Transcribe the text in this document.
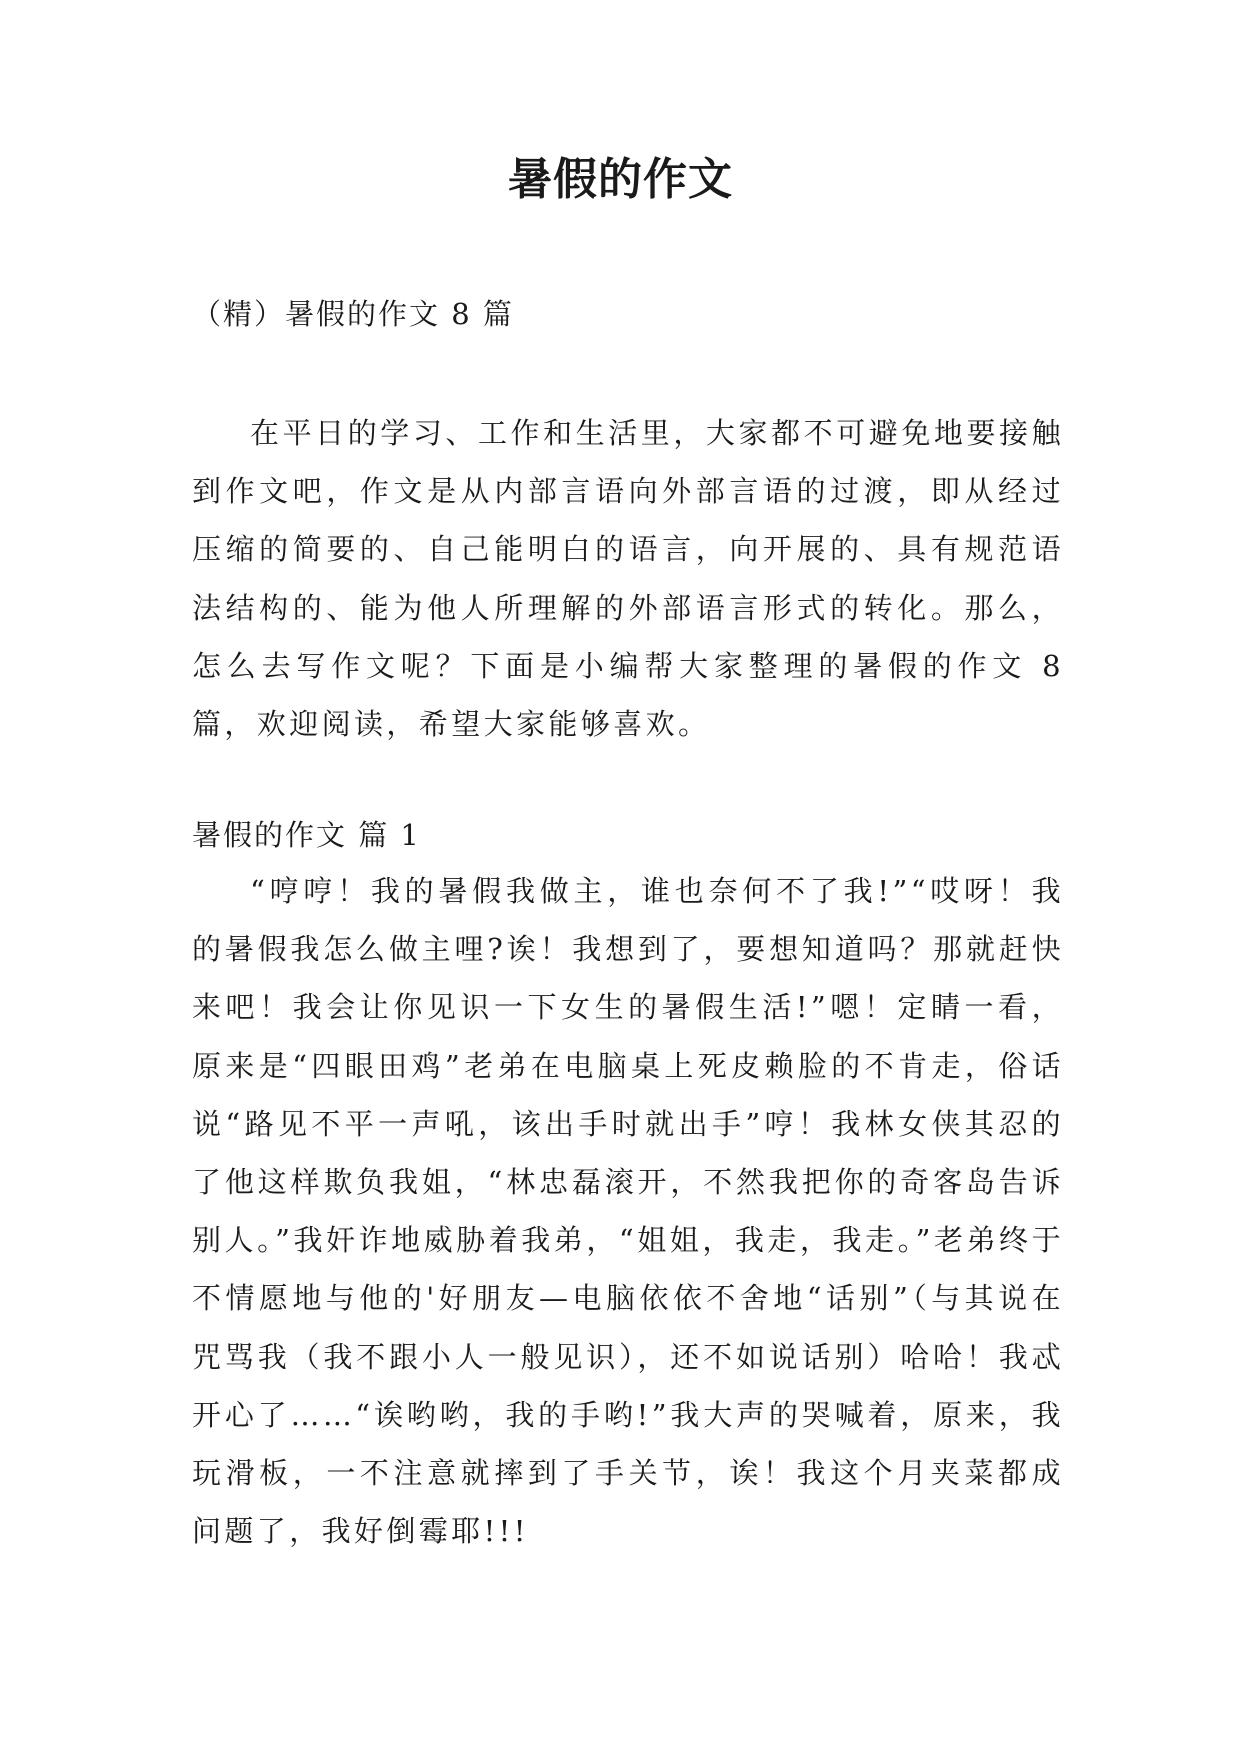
暑假的作文
（精）暑假的作文 8 篇

在平日的学习、工作和生活里，大家都不可避免地要接触到作文吧，作文是从内部言语向外部言语的过渡，即从经过压缩的简要的、自己能明白的语言，向开展的、具有规范语法结构的、能为他人所理解的外部语言形式的转化。那么，怎么去写作文呢？下面是小编帮大家整理的暑假的作文 8 篇，欢迎阅读，希望大家能够喜欢。

暑假的作文 篇 1

“哼哼！我的暑假我做主，谁也奈何不了我!”“哎呀！我的暑假我怎么做主哩?诶！我想到了，要想知道吗？那就赶快来吧！我会让你见识一下女生的暑假生活!”嗯！定睛一看，原来是“四眼田鸡”老弟在电脑桌上死皮赖脸的不肯走，俗话说“路见不平一声吼，该出手时就出手”哼！我林女侠其忍的了他这样欺负我姐，“林忠磊滚开，不然我把你的奇客岛告诉别人。”我奸诈地威胁着我弟，“姐姐，我走，我走。”老弟终于不情愿地与他的'好朋友—电脑依依不舍地“话别”（与其说在咒骂我（我不跟小人一般见识），还不如说话别）哈哈！我忒开心了……“诶哟哟，我的手哟!”我大声的哭喊着，原来，我玩滑板，一不注意就摔到了手关节，诶！我这个月夹菜都成问题了，我好倒霉耶!!!
